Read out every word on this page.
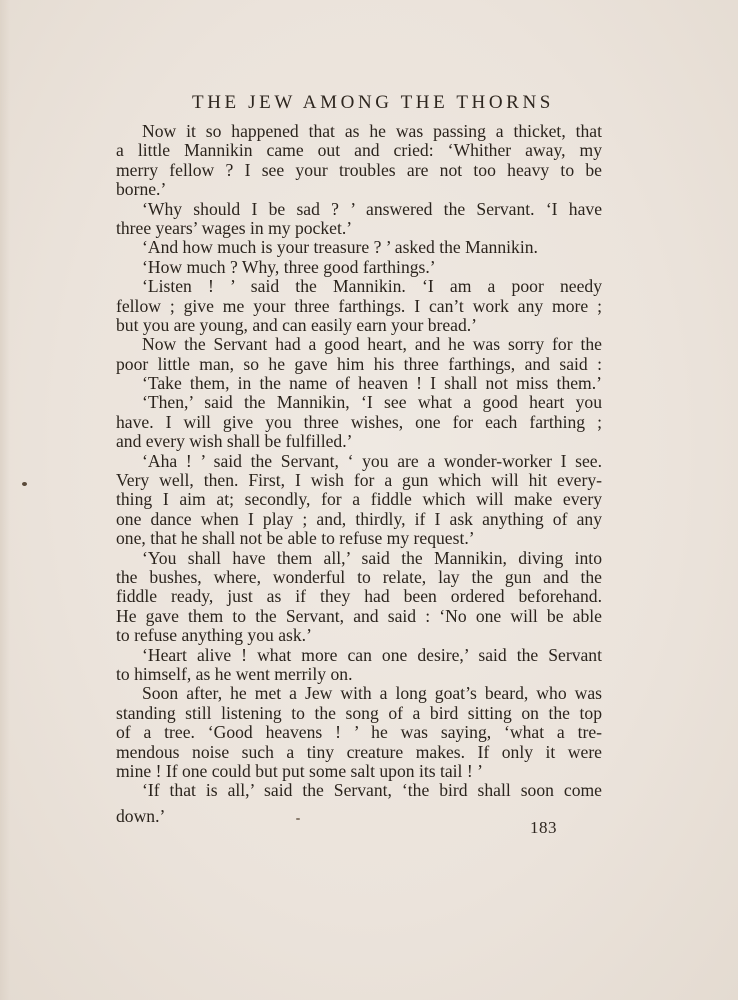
THE JEW AMONG THE THORNS
Now it so happened that as he was passing a thicket, that
a little Mannikin came out and cried: ‘Whither away, my
merry fellow ? I see your troubles are not too heavy to be
borne.’
‘Why should I be sad ? ’ answered the Servant. ‘I have
three years’ wages in my pocket.’
‘And how much is your treasure ? ’ asked the Mannikin.
‘How much ? Why, three good farthings.’
‘Listen ! ’ said the Mannikin. ‘I am a poor needy
fellow ; give me your three farthings. I can’t work any more ;
but you are young, and can easily earn your bread.’
Now the Servant had a good heart, and he was sorry for the
poor little man, so he gave him his three farthings, and said :
‘Take them, in the name of heaven ! I shall not miss them.’
‘Then,’ said the Mannikin, ‘I see what a good heart you
have. I will give you three wishes, one for each farthing ;
and every wish shall be fulfilled.’
‘Aha ! ’ said the Servant, ‘ you are a wonder-worker I see.
Very well, then. First, I wish for a gun which will hit every-
thing I aim at; secondly, for a fiddle which will make every
one dance when I play ; and, thirdly, if I ask anything of any
one, that he shall not be able to refuse my request.’
‘You shall have them all,’ said the Mannikin, diving into
the bushes, where, wonderful to relate, lay the gun and the
fiddle ready, just as if they had been ordered beforehand.
He gave them to the Servant, and said : ‘No one will be able
to refuse anything you ask.’
‘Heart alive ! what more can one desire,’ said the Servant
to himself, as he went merrily on.
Soon after, he met a Jew with a long goat’s beard, who was
standing still listening to the song of a bird sitting on the top
of a tree. ‘Good heavens ! ’ he was saying, ‘what a tre-
mendous noise such a tiny creature makes. If only it were
mine ! If one could but put some salt upon its tail ! ’
‘If that is all,’ said the Servant, ‘the bird shall soon come
down.’
183
